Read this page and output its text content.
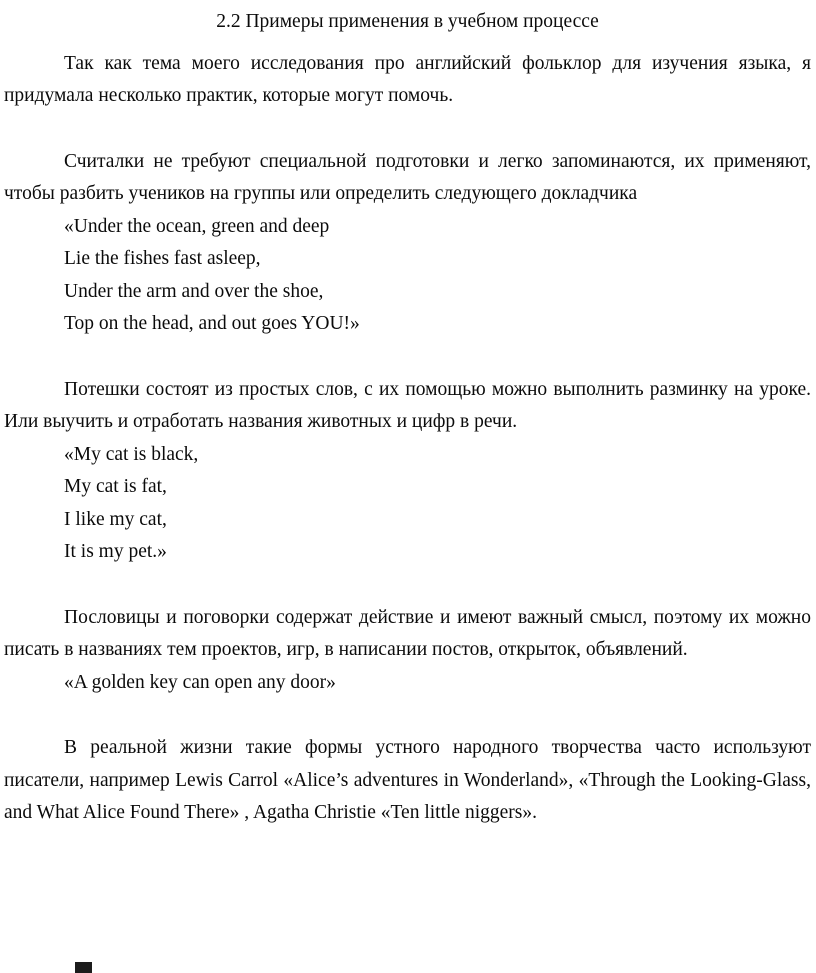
2.2 Примеры применения в учебном процессе

Так как тема моего исследования про английский фольклор для изучения языка, я придумала несколько практик, которые могут помочь.

Считалки не требуют специальной подготовки и легко запоминаются, их применяют, чтобы разбить учеников на группы или определить следующего докладчика

«Under the ocean, green and deep
Lie the fishes fast asleep,
Under the arm and over the shoe,
Top on the head, and out goes YOU!»

Потешки состоят из простых слов, с их помощью можно выполнить разминку на уроке. Или выучить и отработать названия животных и цифр в речи.

«My cat is black,
My cat is fat,
I like my cat,
It is my pet.»

Пословицы и поговорки содержат действие и имеют важный смысл, поэтому их можно писать в названиях тем проектов, игр, в написании постов, открыток, объявлений.

«A golden key can open any door»

В реальной жизни такие формы устного народного творчества часто используют писатели, например Lewis Carrol «Alice’s adventures in Wonderland», «Through the Looking-Glass, and What Alice Found There» , Agatha Christie «Ten little niggers».
